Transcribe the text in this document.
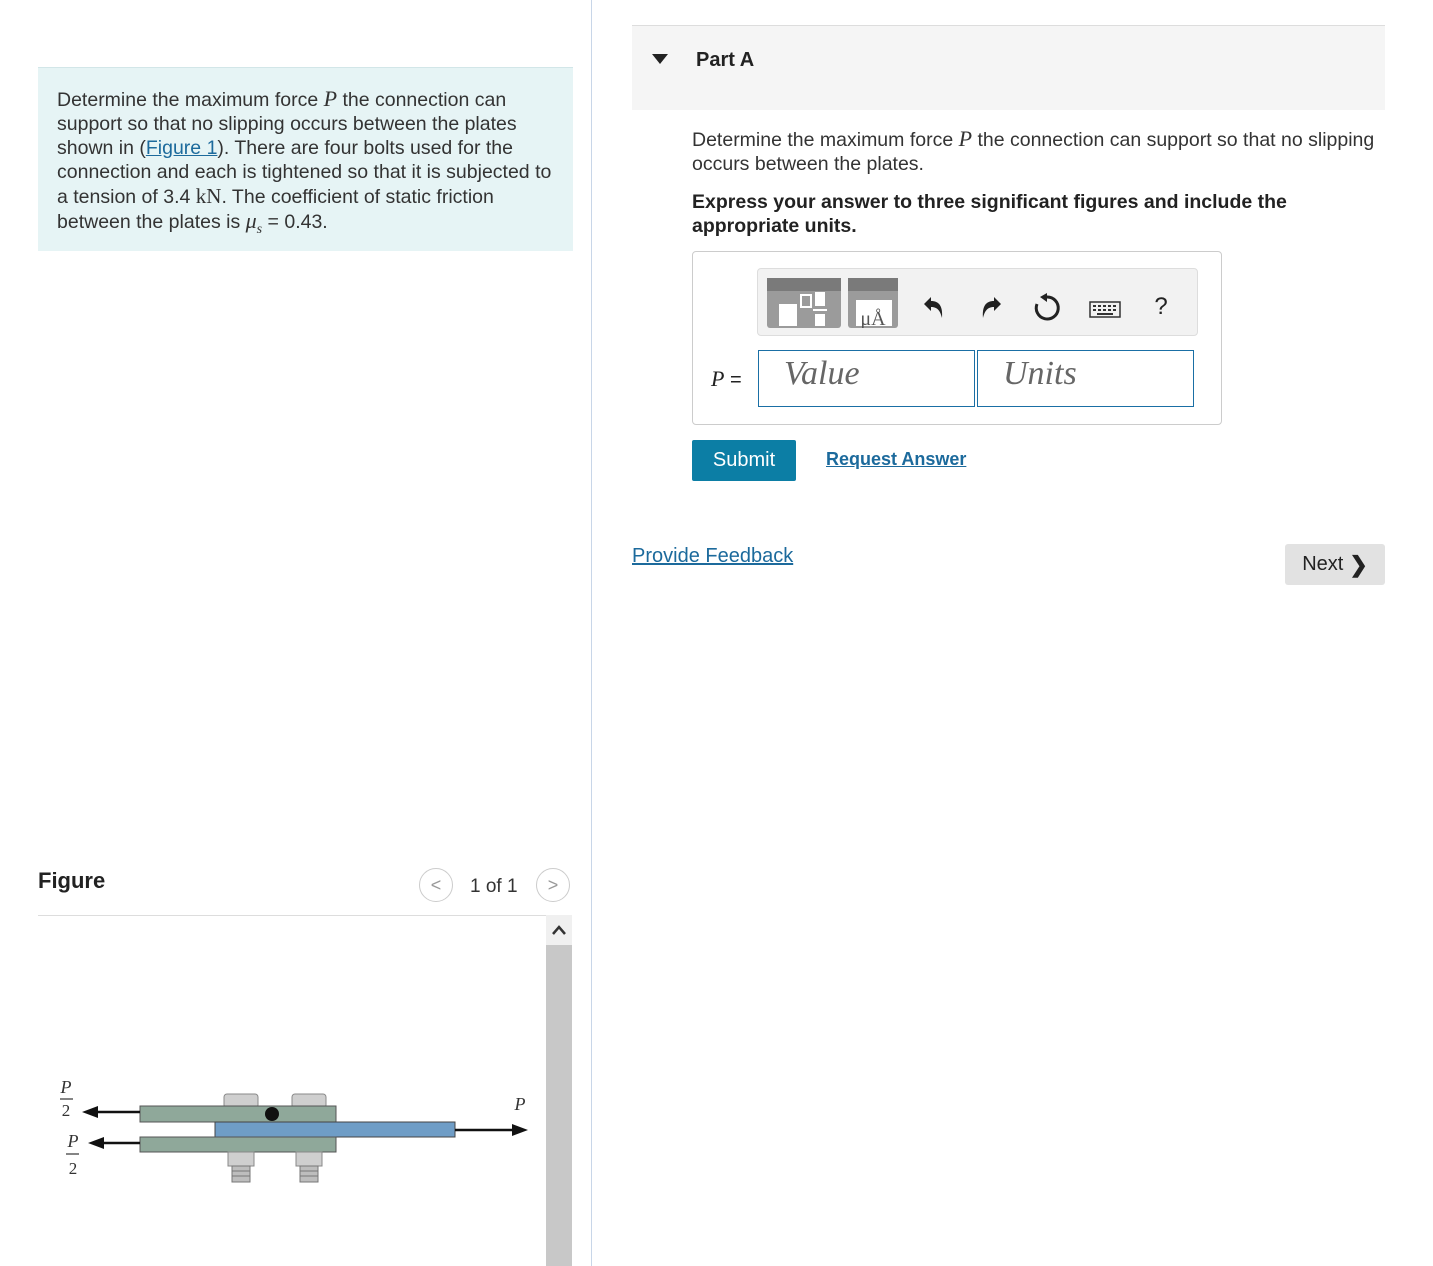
Determine the maximum force P the connection can support so that no slipping occurs between the plates shown in (Figure 1). There are four bolts used for the connection and each is tightened so that it is subjected to a tension of 3.4 kN. The coefficient of static friction between the plates is $\mu_s = 0.43$.
Figure	< 1 of 1 >
P
2
P
2
P
Part A
Determine the maximum force P the connection can support so that no slipping occurs between the plates.
Express your answer to three significant figures and include the appropriate units.
μÅ	?
P =	Value	Units
Submit	Request Answer
Provide Feedback	Next ❯
